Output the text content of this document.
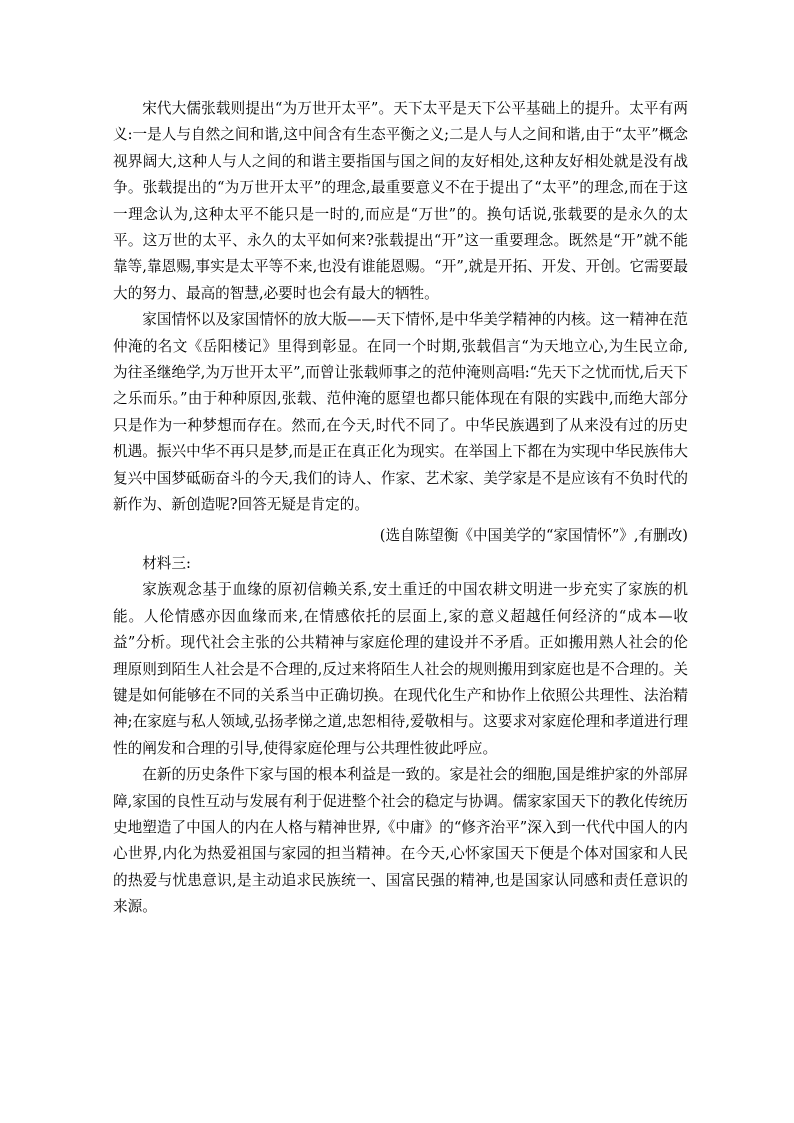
宋代大儒张载则提出“为万世开太平”。天下太平是天下公平基础上的提升。太平有两义:一是人与自然之间和谐,这中间含有生态平衡之义;二是人与人之间和谐,由于“太平”概念视界阔大,这种人与人之间的和谐主要指国与国之间的友好相处,这种友好相处就是没有战争。张载提出的“为万世开太平”的理念,最重要意义不在于提出了“太平”的理念,而在于这一理念认为,这种太平不能只是一时的,而应是“万世”的。换句话说,张载要的是永久的太平。这万世的太平、永久的太平如何来?张载提出“开”这一重要理念。既然是“开”就不能靠等,靠恩赐,事实是太平等不来,也没有谁能恩赐。“开”,就是开拓、开发、开创。它需要最大的努力、最高的智慧,必要时也会有最大的牺牲。

家国情怀以及家国情怀的放大版——天下情怀,是中华美学精神的内核。这一精神在范仲淹的名文《岳阳楼记》里得到彰显。在同一个时期,张载倡言“为天地立心,为生民立命,为往圣继绝学,为万世开太平”,而曾让张载师事之的范仲淹则高唱:“先天下之忧而忧,后天下之乐而乐。”由于种种原因,张载、范仲淹的愿望也都只能体现在有限的实践中,而绝大部分只是作为一种梦想而存在。然而,在今天,时代不同了。中华民族遇到了从来没有过的历史机遇。振兴中华不再只是梦,而是正在真正化为现实。在举国上下都在为实现中华民族伟大复兴中国梦砥砺奋斗的今天,我们的诗人、作家、艺术家、美学家是不是应该有不负时代的新作为、新创造呢?回答无疑是肯定的。

(选自陈望衡《中国美学的“家国情怀”》,有删改)

材料三:

家族观念基于血缘的原初信赖关系,安土重迁的中国农耕文明进一步充实了家族的机能。人伦情感亦因血缘而来,在情感依托的层面上,家的意义超越任何经济的“成本—收益”分析。现代社会主张的公共精神与家庭伦理的建设并不矛盾。正如搬用熟人社会的伦理原则到陌生人社会是不合理的,反过来将陌生人社会的规则搬用到家庭也是不合理的。关键是如何能够在不同的关系当中正确切换。在现代化生产和协作上依照公共理性、法治精神;在家庭与私人领域,弘扬孝悌之道,忠恕相待,爱敬相与。这要求对家庭伦理和孝道进行理性的阐发和合理的引导,使得家庭伦理与公共理性彼此呼应。

在新的历史条件下家与国的根本利益是一致的。家是社会的细胞,国是维护家的外部屏障,家国的良性互动与发展有利于促进整个社会的稳定与协调。儒家家国天下的教化传统历史地塑造了中国人的内在人格与精神世界,《中庸》的“修齐治平”深入到一代代中国人的内心世界,内化为热爱祖国与家园的担当精神。在今天,心怀家国天下便是个体对国家和人民的热爱与忧患意识,是主动追求民族统一、国富民强的精神,也是国家认同感和责任意识的来源。
